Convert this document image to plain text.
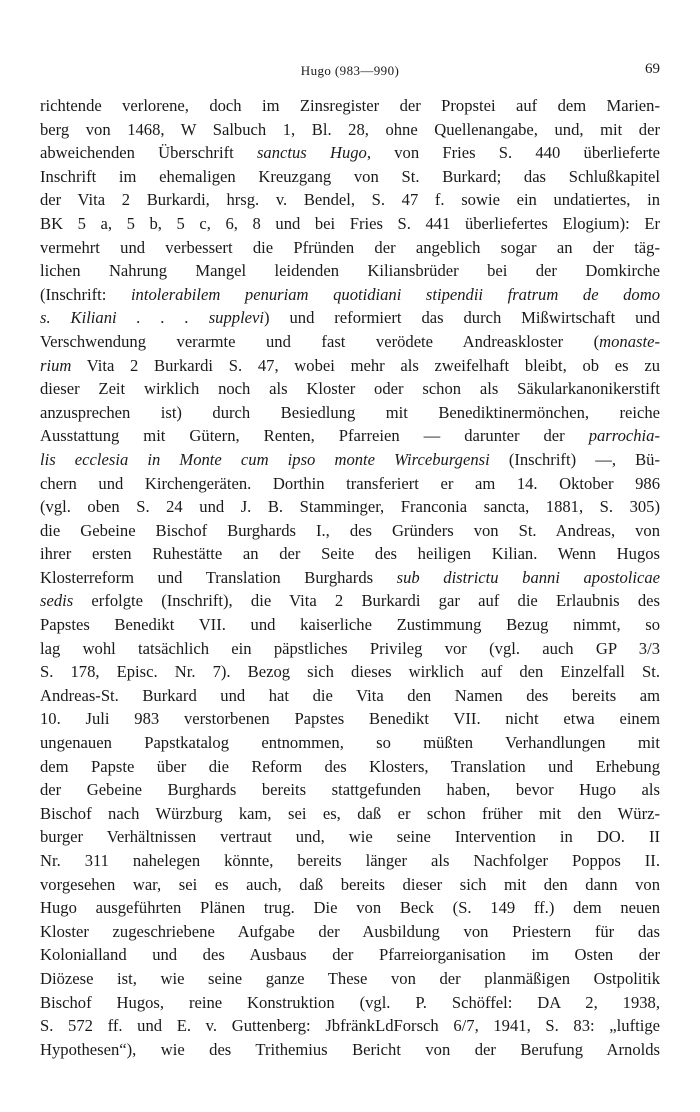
Hugo (983—990)	69
richtende verlorene, doch im Zinsregister der Propstei auf dem Marien-
berg von 1468, W Salbuch 1, Bl. 28, ohne Quellenangabe, und, mit der
abweichenden Überschrift sanctus Hugo, von Fries S. 440 überlieferte
Inschrift im ehemaligen Kreuzgang von St. Burkard; das Schlußkapitel
der Vita 2 Burkardi, hrsg. v. Bendel, S. 47 f. sowie ein undatiertes, in
BK 5 a, 5 b, 5 c, 6, 8 und bei Fries S. 441 überliefertes Elogium): Er
vermehrt und verbessert die Pfründen der angeblich sogar an der täg-
lichen Nahrung Mangel leidenden Kiliansbrüder bei der Domkirche
(Inschrift: intolerabilem penuriam quotidiani stipendii fratrum de domo
s. Kiliani . . . supplevi) und reformiert das durch Mißwirtschaft und
Verschwendung verarmte und fast verödete Andreaskloster (monaste-
rium Vita 2 Burkardi S. 47, wobei mehr als zweifelhaft bleibt, ob es zu
dieser Zeit wirklich noch als Kloster oder schon als Säkularkanonikerstift
anzusprechen ist) durch Besiedlung mit Benediktinermönchen, reiche
Ausstattung mit Gütern, Renten, Pfarreien — darunter der parrochia-
lis ecclesia in Monte cum ipso monte Wirceburgensi (Inschrift) —, Bü-
chern und Kirchengeräten. Dorthin transferiert er am 14. Oktober 986
(vgl. oben S. 24 und J. B. Stamminger, Franconia sancta, 1881, S. 305)
die Gebeine Bischof Burghards I., des Gründers von St. Andreas, von
ihrer ersten Ruhestätte an der Seite des heiligen Kilian. Wenn Hugos
Klosterreform und Translation Burghards sub districtu banni apostolicae
sedis erfolgte (Inschrift), die Vita 2 Burkardi gar auf die Erlaubnis des
Papstes Benedikt VII. und kaiserliche Zustimmung Bezug nimmt, so
lag wohl tatsächlich ein päpstliches Privileg vor (vgl. auch GP 3/3
S. 178, Episc. Nr. 7). Bezog sich dieses wirklich auf den Einzelfall St.
Andreas-St. Burkard und hat die Vita den Namen des bereits am
10. Juli 983 verstorbenen Papstes Benedikt VII. nicht etwa einem
ungenauen Papstkatalog entnommen, so müßten Verhandlungen mit
dem Papste über die Reform des Klosters, Translation und Erhebung
der Gebeine Burghards bereits stattgefunden haben, bevor Hugo als
Bischof nach Würzburg kam, sei es, daß er schon früher mit den Würz-
burger Verhältnissen vertraut und, wie seine Intervention in DO. II
Nr. 311 nahelegen könnte, bereits länger als Nachfolger Poppos II.
vorgesehen war, sei es auch, daß bereits dieser sich mit den dann von
Hugo ausgeführten Plänen trug. Die von Beck (S. 149 ff.) dem neuen
Kloster zugeschriebene Aufgabe der Ausbildung von Priestern für das
Kolonialland und des Ausbaus der Pfarreiorganisation im Osten der
Diözese ist, wie seine ganze These von der planmäßigen Ostpolitik
Bischof Hugos, reine Konstruktion (vgl. P. Schöffel: DA 2, 1938,
S. 572 ff. und E. v. Guttenberg: JbfränkLdForsch 6/7, 1941, S. 83: „luftige
Hypothesen“), wie des Trithemius Bericht von der Berufung Arnolds
